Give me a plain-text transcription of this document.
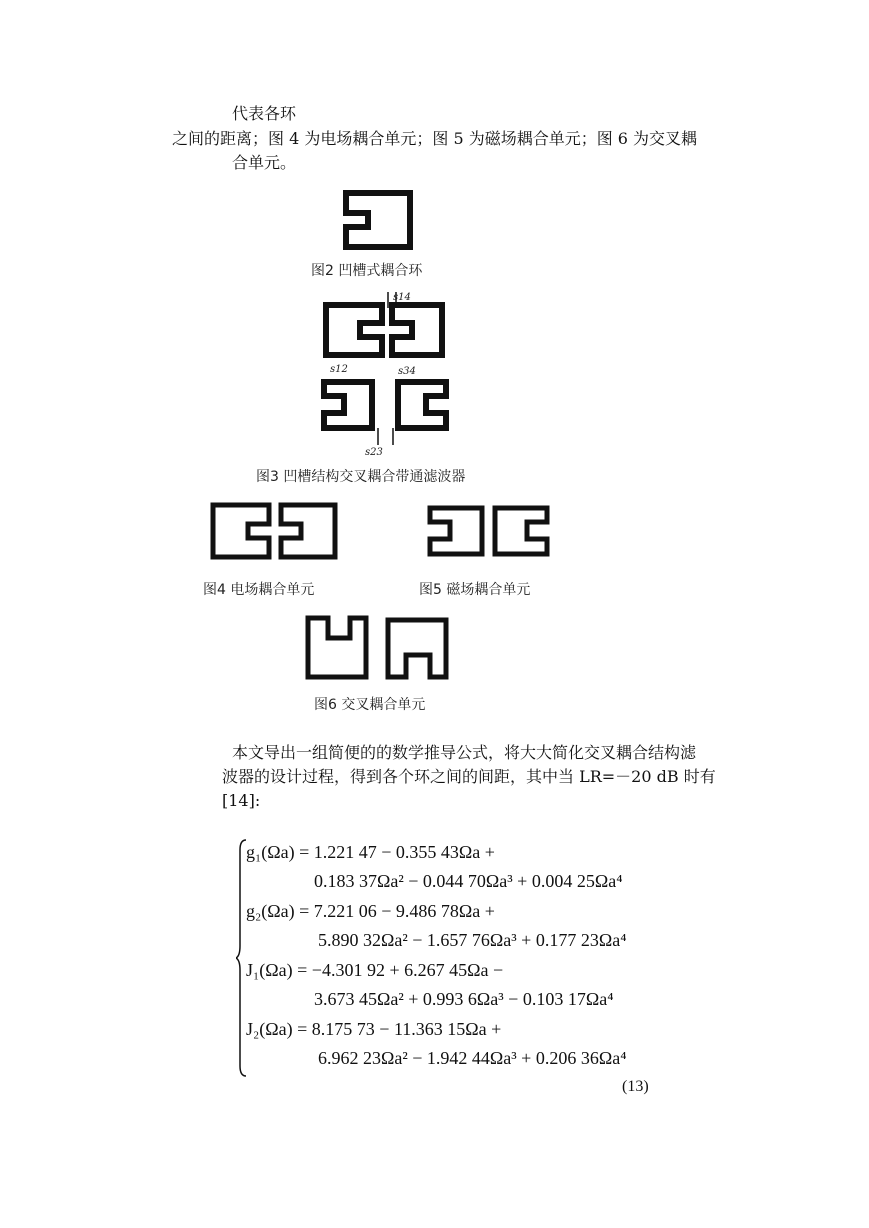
代表各环
之间的距离；图 4 为电场耦合单元；图 5 为磁场耦合单元；图 6 为交叉耦
合单元。
图2 凹槽式耦合环
s14
s12	s34
s23
图3 凹槽结构交叉耦合带通滤波器
图4 电场耦合单元	图5 磁场耦合单元
图6 交叉耦合单元
本文导出一组简便的的数学推导公式，将大大简化交叉耦合结构滤
波器的设计过程，得到各个环之间的间距，其中当 LR=－20 dB 时有
[14]:
g₁(Ωa) = 1.221 47 − 0.355 43Ωa +
0.183 37Ωa² − 0.044 70Ωa³ + 0.004 25Ωa⁴
g₂(Ωa) = 7.221 06 − 9.486 78Ωa +
5.890 32Ωa² − 1.657 76Ωa³ + 0.177 23Ωa⁴
J₁(Ωa) = −4.301 92 + 6.267 45Ωa −
3.673 45Ωa² + 0.993 6Ωa³ − 0.103 17Ωa⁴
J₂(Ωa) = 8.175 73 − 11.363 15Ωa +
6.962 23Ωa² − 1.942 44Ωa³ + 0.206 36Ωa⁴
(13)
